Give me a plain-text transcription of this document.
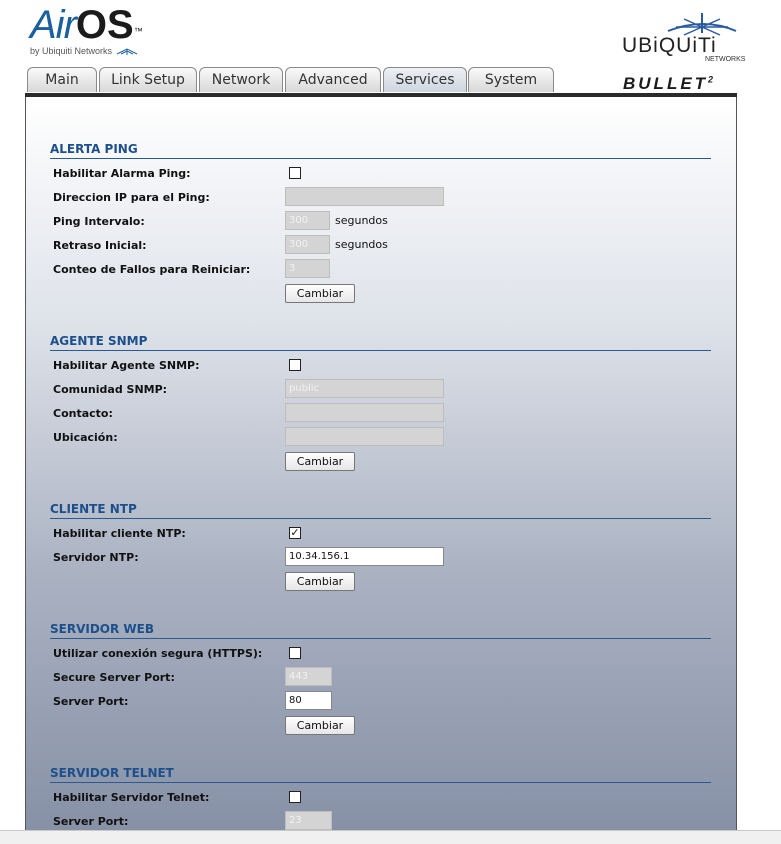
AirOS™
by Ubiquiti Networks	UBiQUiTi
NETWORKS
BULLET$^2$
Main	Link Setup	Network	Advanced	Services	System
ALERTA PING
Habilitar Alarma Ping:
Direccion IP para el Ping:
Ping Intervalo:	300	segundos
Retraso Inicial:	300	segundos
Conteo de Fallos para Reiniciar:	3
Cambiar
AGENTE SNMP
Habilitar Agente SNMP:
Comunidad SNMP:	public
Contacto:
Ubicación:
Cambiar
CLIENTE NTP
Habilitar cliente NTP:	✓
Servidor NTP:	10.34.156.1
Cambiar
SERVIDOR WEB
Utilizar conexión segura (HTTPS):
Secure Server Port:	443
Server Port:	80
Cambiar
SERVIDOR TELNET
Habilitar Servidor Telnet:
Server Port:	23
